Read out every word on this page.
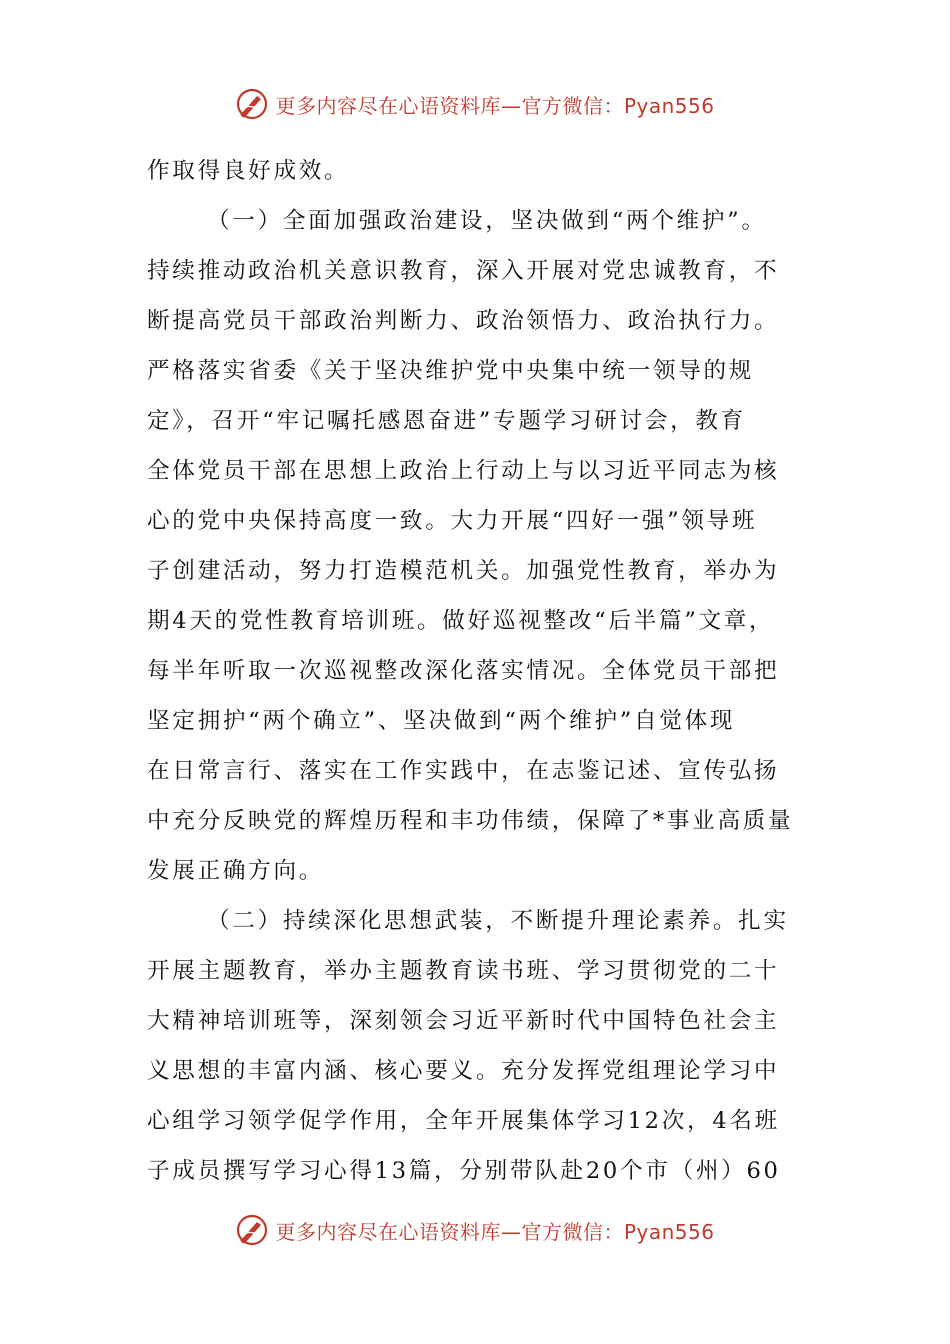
更多内容尽在心语资料库—官方微信：Pyan556
作取得良好成效。
（一）全面加强政治建设，坚决做到“两个维护”。
持续推动政治机关意识教育，深入开展对党忠诚教育，不
断提高党员干部政治判断力、政治领悟力、政治执行力。
严格落实省委《关于坚决维护党中央集中统一领导的规
定》，召开“牢记嘱托感恩奋进”专题学习研讨会，教育
全体党员干部在思想上政治上行动上与以习近平同志为核
心的党中央保持高度一致。大力开展“四好一强”领导班
子创建活动，努力打造模范机关。加强党性教育，举办为
期4天的党性教育培训班。做好巡视整改“后半篇”文章，
每半年听取一次巡视整改深化落实情况。全体党员干部把
坚定拥护“两个确立”、坚决做到“两个维护”自觉体现
在日常言行、落实在工作实践中，在志鉴记述、宣传弘扬
中充分反映党的辉煌历程和丰功伟绩，保障了*事业高质量
发展正确方向。
（二）持续深化思想武装，不断提升理论素养。扎实
开展主题教育，举办主题教育读书班、学习贯彻党的二十
大精神培训班等，深刻领会习近平新时代中国特色社会主
义思想的丰富内涵、核心要义。充分发挥党组理论学习中
心组学习领学促学作用，全年开展集体学习12次，4名班
子成员撰写学习心得13篇，分别带队赴20个市（州）60
更多内容尽在心语资料库—官方微信：Pyan556
